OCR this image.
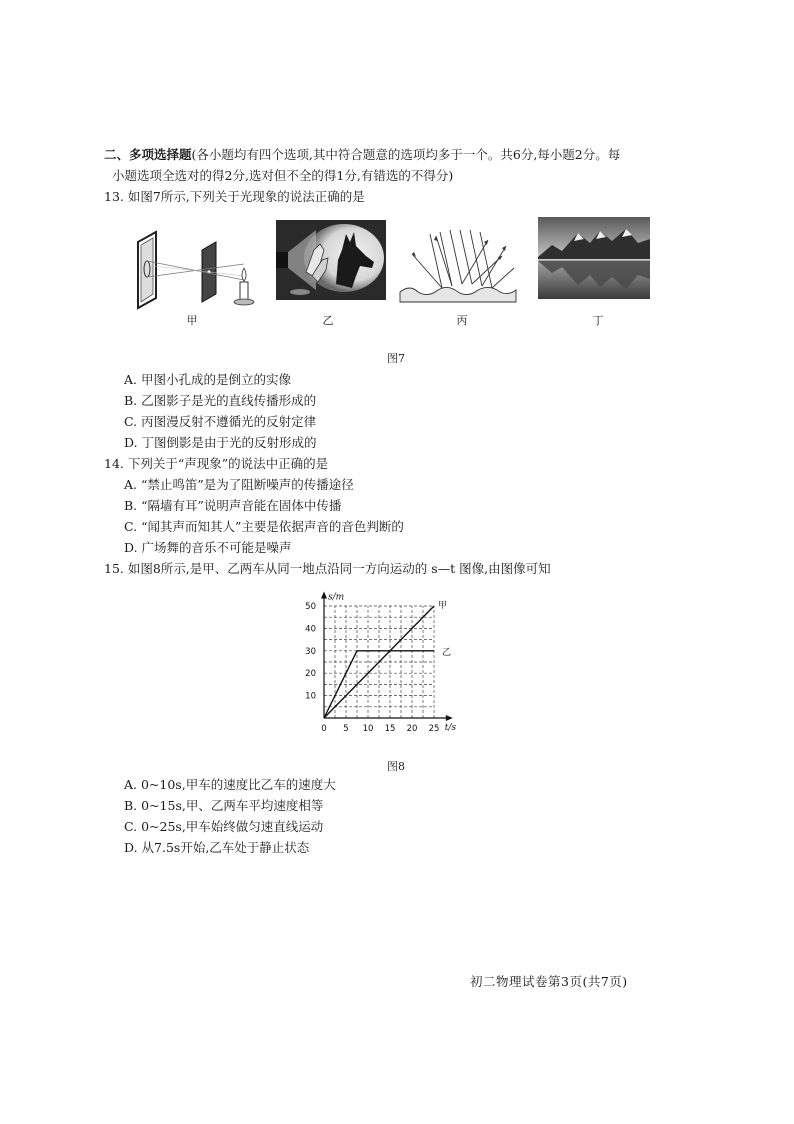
二、多项选择题(各小题均有四个选项,其中符合题意的选项均多于一个。共6分,每小题2分。每
小题选项全选对的得2分,选对但不全的得1分,有错选的不得分)
13. 如图7所示,下列关于光现象的说法正确的是
甲	乙	丙	丁
图7
A. 甲图小孔成的是倒立的实像
B. 乙图影子是光的直线传播形成的
C. 丙图漫反射不遵循光的反射定律
D. 丁图倒影是由于光的反射形成的
14. 下列关于“声现象”的说法中正确的是
A. “禁止鸣笛”是为了阻断噪声的传播途径
B. “隔墙有耳”说明声音能在固体中传播
C. “闻其声而知其人”主要是依据声音的音色判断的
D. 广场舞的音乐不可能是噪声
15. 如图8所示,是甲、乙两车从同一地点沿同一方向运动的 s—t 图像,由图像可知
0 5 10 15 20 25
10
20
30
40
50
s/m
t/s
甲
乙
图8
A. 0~10s,甲车的速度比乙车的速度大
B. 0~15s,甲、乙两车平均速度相等
C. 0~25s,甲车始终做匀速直线运动
D. 从7.5s开始,乙车处于静止状态
初二物理试卷第3页(共7页)
